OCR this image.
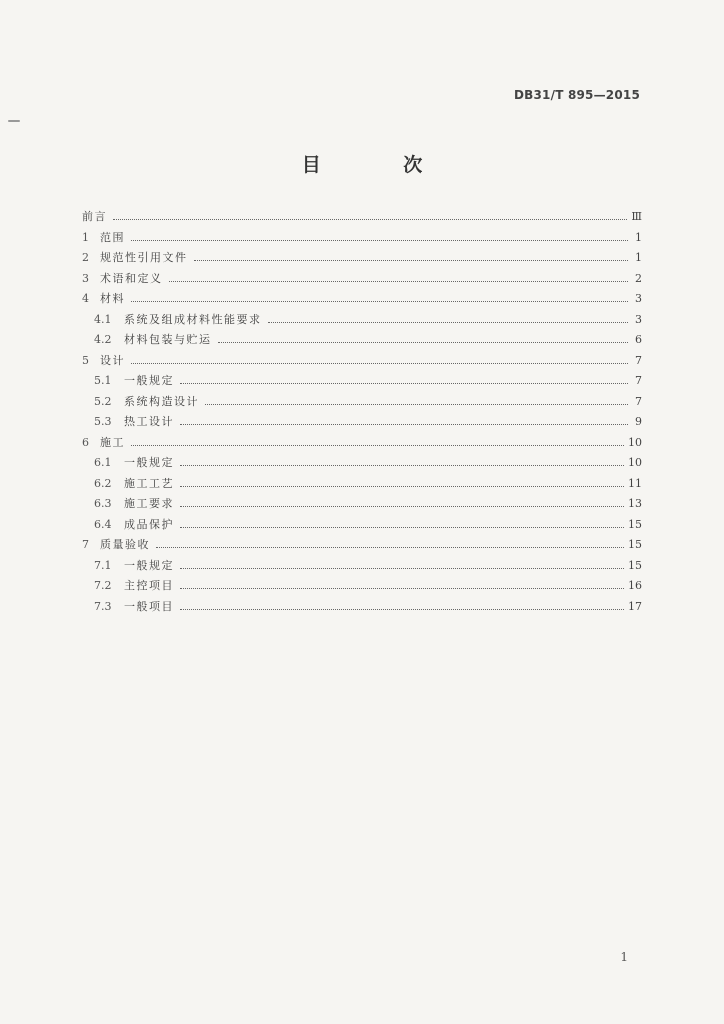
DB31/T 895—2015
目 次
前言	Ⅲ
1	范围	1
2	规范性引用文件	1
3	术语和定义	2
4	材料	3
4.1	系统及组成材料性能要求	3
4.2	材料包装与贮运	6
5	设计	7
5.1	一般规定	7
5.2	系统构造设计	7
5.3	热工设计	9
6	施工	10
6.1	一般规定	10
6.2	施工工艺	11
6.3	施工要求	13
6.4	成品保护	15
7	质量验收	15
7.1	一般规定	15
7.2	主控项目	16
7.3	一般项目	17
1
